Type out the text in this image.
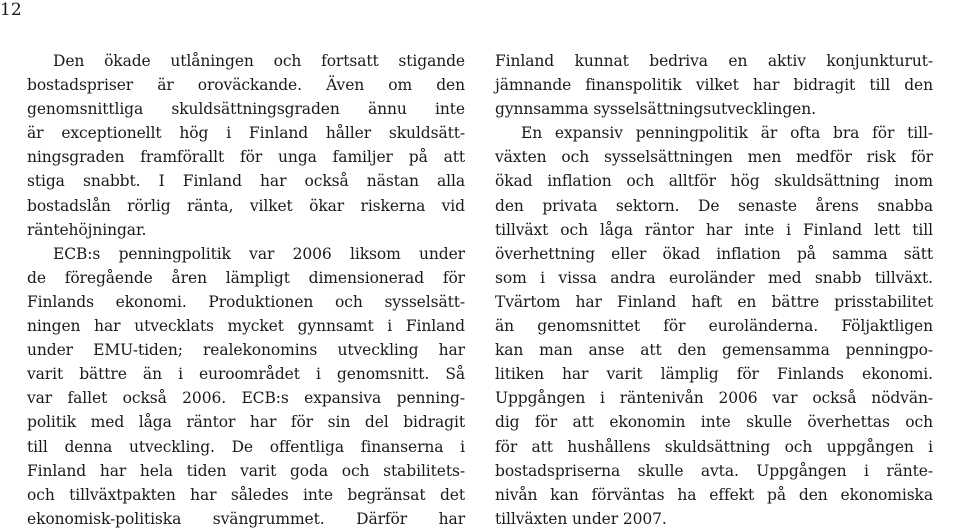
12
Den ökade utlåningen och fortsatt stigande
bostadspriser är oroväckande. Även om den
genomsnittliga skuldsättningsgraden ännu inte
är exceptionellt hög i Finland håller skuldsätt-
ningsgraden framförallt för unga familjer på att
stiga snabbt. I Finland har också nästan alla
bostadslån rörlig ränta, vilket ökar riskerna vid
räntehöjningar.
ECB:s penningpolitik var 2006 liksom under
de föregående åren lämpligt dimensionerad för
Finlands ekonomi. Produktionen och sysselsätt-
ningen har utvecklats mycket gynnsamt i Finland
under EMU-tiden; realekonomins utveckling har
varit bättre än i euroområdet i genomsnitt. Så
var fallet också 2006. ECB:s expansiva penning-
politik med låga räntor har för sin del bidragit
till denna utveckling. De offentliga finanserna i
Finland har hela tiden varit goda och stabilitets-
och tillväxtpakten har således inte begränsat det
ekonomisk-politiska svängrummet. Därför har
Finland kunnat bedriva en aktiv konjunkturut-
jämnande finanspolitik vilket har bidragit till den
gynnsamma sysselsättningsutvecklingen.
En expansiv penningpolitik är ofta bra för till-
växten och sysselsättningen men medför risk för
ökad inflation och alltför hög skuldsättning inom
den privata sektorn. De senaste årens snabba
tillväxt och låga räntor har inte i Finland lett till
överhettning eller ökad inflation på samma sätt
som i vissa andra euroländer med snabb tillväxt.
Tvärtom har Finland haft en bättre prisstabilitet
än genomsnittet för euroländerna. Följaktligen
kan man anse att den gemensamma penningpo-
litiken har varit lämplig för Finlands ekonomi.
Uppgången i räntenivån 2006 var också nödvän-
dig för att ekonomin inte skulle överhettas och
för att hushållens skuldsättning och uppgången i
bostadspriserna skulle avta. Uppgången i ränte-
nivån kan förväntas ha effekt på den ekonomiska
tillväxten under 2007.
